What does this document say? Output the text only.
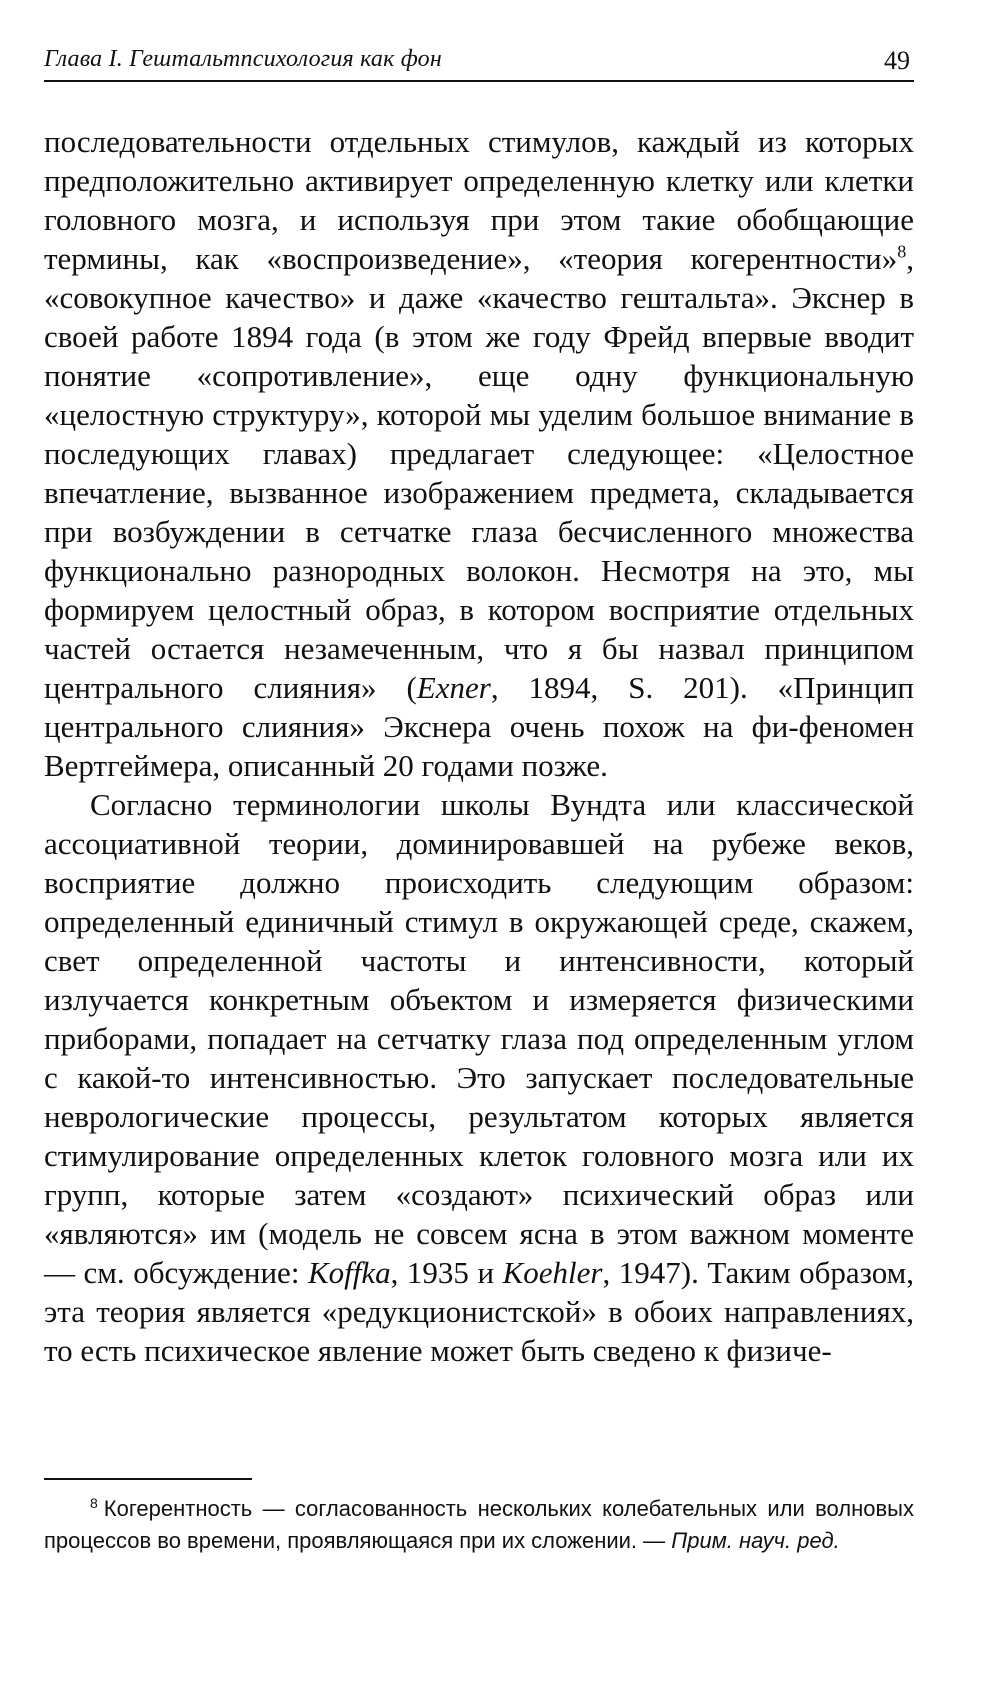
Глава I. Гештальтпсихология как фон	49

последовательности отдельных стимулов, каждый из которых предположительно активирует определенную клетку или клетки головного мозга, и используя при этом такие обобщающие термины, как «воспроизведение», «теория когерентности»$^8$, «совокупное качество» и даже «качество гештальта». Экснер в своей работе 1894 года (в этом же году Фрейд впервые вводит понятие «сопротивление», еще одну функциональную «целостную структуру», которой мы уделим большое внимание в последующих главах) предлагает следующее: «Целостное впечатление, вызванное изображением предмета, складывается при возбуждении в сетчатке глаза бесчисленного множества функционально разнородных волокон. Несмотря на это, мы формируем целостный образ, в котором восприятие отдельных частей остается незамеченным, что я бы назвал принципом центрального слияния» (Exner, 1894, S. 201). «Принцип центрального слияния» Экснера очень похож на фи-феномен Вертгеймера, описанный 20 годами позже.

Согласно терминологии школы Вундта или классической ассоциативной теории, доминировавшей на рубеже веков, восприятие должно происходить следующим образом: определенный единичный стимул в окружающей среде, скажем, свет определенной частоты и интенсивности, который излучается конкретным объектом и измеряется физическими приборами, попадает на сетчатку глаза под определенным углом с какой-то интенсивностью. Это запускает последовательные неврологические процессы, результатом которых является стимулирование определенных клеток головного мозга или их групп, которые затем «создают» психический образ или «являются» им (модель не совсем ясна в этом важном моменте — см. обсуждение: Koffka, 1935 и Koehler, 1947). Таким образом, эта теория является «редукционистской» в обоих направлениях, то есть психическое явление может быть сведено к физиче-

$^8$ Когерентность — согласованность нескольких колебательных или волновых процессов во времени, проявляющаяся при их сложении. — Прим. науч. ред.
